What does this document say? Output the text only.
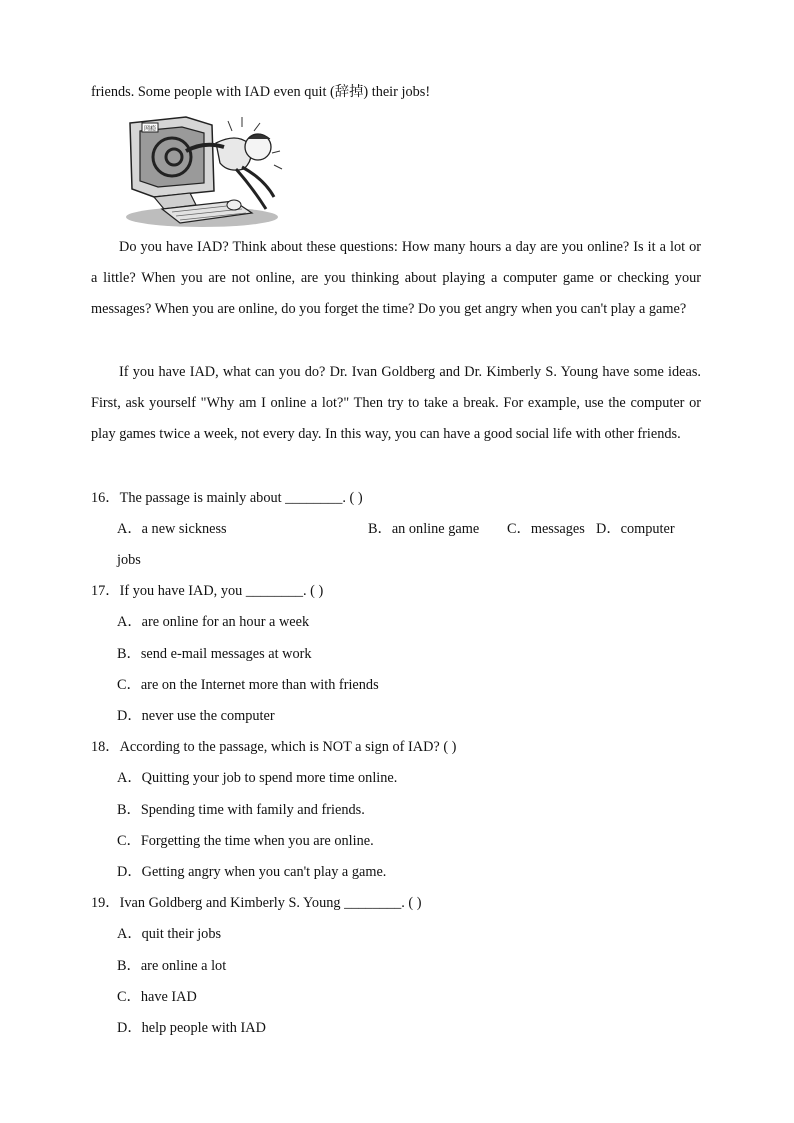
friends. Some people with IAD even quit (辞掉) their jobs!
网瘾
Do you have IAD? Think about these questions: How many hours a day are you online? Is it a lot or a little? When you are not online, are you thinking about playing a computer game or checking your messages? When you are online, do you forget the time? Do you get angry when you can't play a game?
If you have IAD, what can you do? Dr. Ivan Goldberg and Dr. Kimberly S. Young have some ideas. First, ask yourself "Why am I online a lot?" Then try to take a break. For example, use the computer or play games twice a week, not every day. In this way, you can have a good social life with other friends.
16．The passage is mainly about ________. ( )
A．a new sickness	B．an online game C．messages D．computer
jobs
17．If you have IAD, you ________. ( )
A．are online for an hour a week
B．send e-mail messages at work
C．are on the Internet more than with friends
D．never use the computer
18．According to the passage, which is NOT a sign of IAD? ( )
A．Quitting your job to spend more time online.
B．Spending time with family and friends.
C．Forgetting the time when you are online.
D．Getting angry when you can't play a game.
19．Ivan Goldberg and Kimberly S. Young ________. ( )
A．quit their jobs
B．are online a lot
C．have IAD
D．help people with IAD
